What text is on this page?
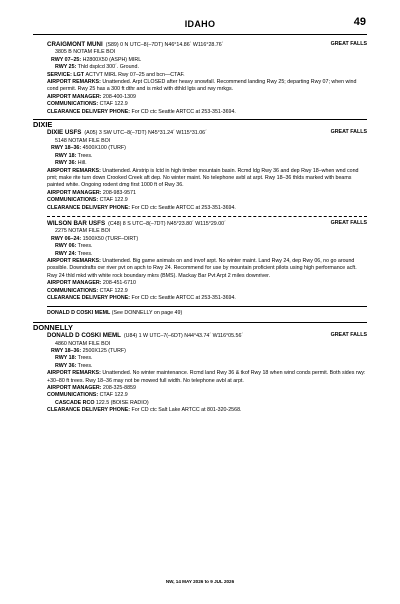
IDAHO	49
GREAT FALLS
CRAIGMONT MUNI (S89) 0 N UTC–8(–7DT) N46°14.86´ W116°28.76´
3805 B NOTAM FILE BOI
RWY 07–25: H2800X50 (ASPH) MIRL
RWY 25: Thld dsplcd 300´. Ground.
SERVICE: LGT ACTVT MIRL Rwy 07–25 and bcn—CTAF.
AIRPORT REMARKS: Unattended. Arpt CLOSED after heavy snowfall. Recommend landing Rwy 25; departing Rwy 07; when wind cond permit. Rwy 25 has a 300 ft dthr and is mkd with dthld lgts and rwy mrkgs.
AIRPORT MANAGER: 208-400-1309
COMMUNICATIONS: CTAF 122.9
CLEARANCE DELIVERY PHONE: For CD ctc Seattle ARTCC at 253-351-3694.
DIXIE
GREAT FALLS
DIXIE USFS (A05) 3 SW UTC–8(–7DT) N45°31.24´ W115°31.06´
5148 NOTAM FILE BOI
RWY 18–36: 4500X100 (TURF)
RWY 18: Trees.
RWY 36: Hill.
AIRPORT REMARKS: Unattended. Airstrip is lctd in high timber mountain basin. Rcmd ldg Rwy 36 and dep Rwy 18–when wnd cond pmt; make rite turn down Crooked Creek aft dep. No winter maint. No telephone avbl at arpt. Rwy 18–36 thlds marked with beams painted white. Ongoing rodent dmg first 1000 ft of Rwy 36.
AIRPORT MANAGER: 208-983-9571
COMMUNICATIONS: CTAF 122.9
CLEARANCE DELIVERY PHONE: For CD ctc Seattle ARTCC at 253-351-3694.
GREAT FALLS
WILSON BAR USFS (C48) 8 S UTC–8(–7DT) N45°23.80´ W115°29.00´
2275 NOTAM FILE BOI
RWY 06–24: 1500X50 (TURF–DIRT)
RWY 06: Trees.
RWY 24: Trees.
AIRPORT REMARKS: Unattended. Big game animals on and invof arpt. No winter maint. Land Rwy 24, dep Rwy 06, no go around possible. Downdrafts ovr river pvt on apch to Rwy 24. Recommend for use by mountain proficient pilots using high performance acft. Rwy 24 thld mkd with white rock boundary mkrs (BMS). Mackay Bar Pvt Arpt 2 miles downriver.
AIRPORT MANAGER: 208-451-6710
COMMUNICATIONS: CTAF 122.9
CLEARANCE DELIVERY PHONE: For CD ctc Seattle ARTCC at 253-351-3694.
DONALD D COSKI MEML (See DONNELLY on page 49)
DONNELLY
GREAT FALLS
DONALD D COSKI MEML (U84) 1 W UTC–7(–6DT) N44°43.74´ W116°05.56´
4860 NOTAM FILE BOI
RWY 18–36: 2500X125 (TURF)
RWY 18: Trees.
RWY 36: Trees.
AIRPORT REMARKS: Unattended. No winter maintenance. Rcmd land Rwy 36 & tkof Rwy 18 when wind conds permit. Both sides rwy: +30–80 ft trees. Rwy 18–36 may not be mowed full width. No telephone avbl at arpt.
AIRPORT MANAGER: 208-325-8859
COMMUNICATIONS: CTAF 122.9
CASCADE RCO 122.5 (BOISE RADIO)
CLEARANCE DELIVERY PHONE: For CD ctc Salt Lake ARTCC at 801-320-2568.
NW, 14 MAY 2026 to 9 JUL 2026
